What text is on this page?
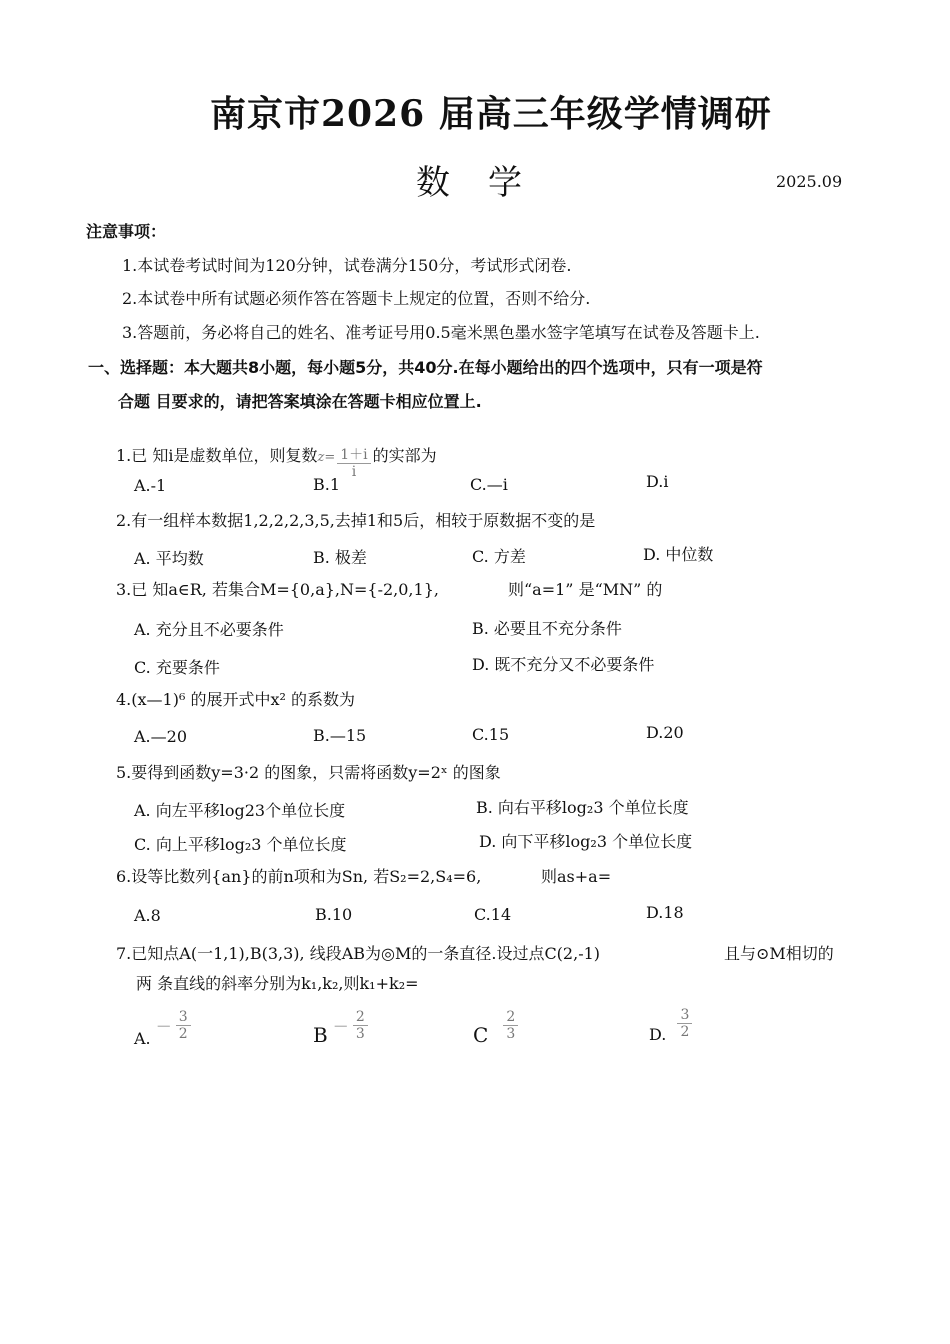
南京市2026 届高三年级学情调研
数学	2025.09
注意事项：
1.本试卷考试时间为120分钟，试卷满分150分，考试形式闭卷.
2.本试卷中所有试题必须作答在答题卡上规定的位置，否则不给分.
3.答题前，务必将自己的姓名、准考证号用0.5毫米黑色墨水签字笔填写在试卷及答题卡上.
一、选择题：本大题共8小题，每小题5分，共40分.在每小题给出的四个选项中，只有一项是符
合题 目要求的，请把答案填涂在答题卡相应位置上.
1.已 知i是虚数单位，则复数$z= \frac{1+i}{i}$ 的实部为
A.-1	B.1	C.—i	D.i
2.有一组样本数据1,2,2,2,3,5,去掉1和5后，相较于原数据不变的是
A. 平均数	B. 极差	C. 方差	D. 中位数
3.已 知a∈R, 若集合M={0,a},N={-2,0,1},	则“a=1” 是“MN” 的
A. 充分且不必要条件	B. 必要且不充分条件
C. 充要条件	D. 既不充分又不必要条件
4.(x—1)⁶ 的展开式中x² 的系数为
A.—20	B.—15	C.15	D.20
5.要得到函数y=3·2 的图象，只需将函数y=2ˣ 的图象
A. 向左平移log23个单位长度	B. 向右平移log₂3 个单位长度
C. 向上平移log₂3 个单位长度	D. 向下平移log₂3 个单位长度
6.设等比数列{an}的前n项和为Sn, 若S₂=2,S₄=6,	则as+a=
A.8	B.10	C.14	D.18
7.已知点A(一1,1),B(3,3), 线段AB为◎M的一条直径.设过点C(2,-1)	且与⊙M相切的
两 条直线的斜率分别为k₁,k₂,则k₁+k₂=
A. － $\frac{3}{2}$	$B - \frac{2}{3}$	C $\frac{2}{3}$	D. $\frac{3}{2}$
